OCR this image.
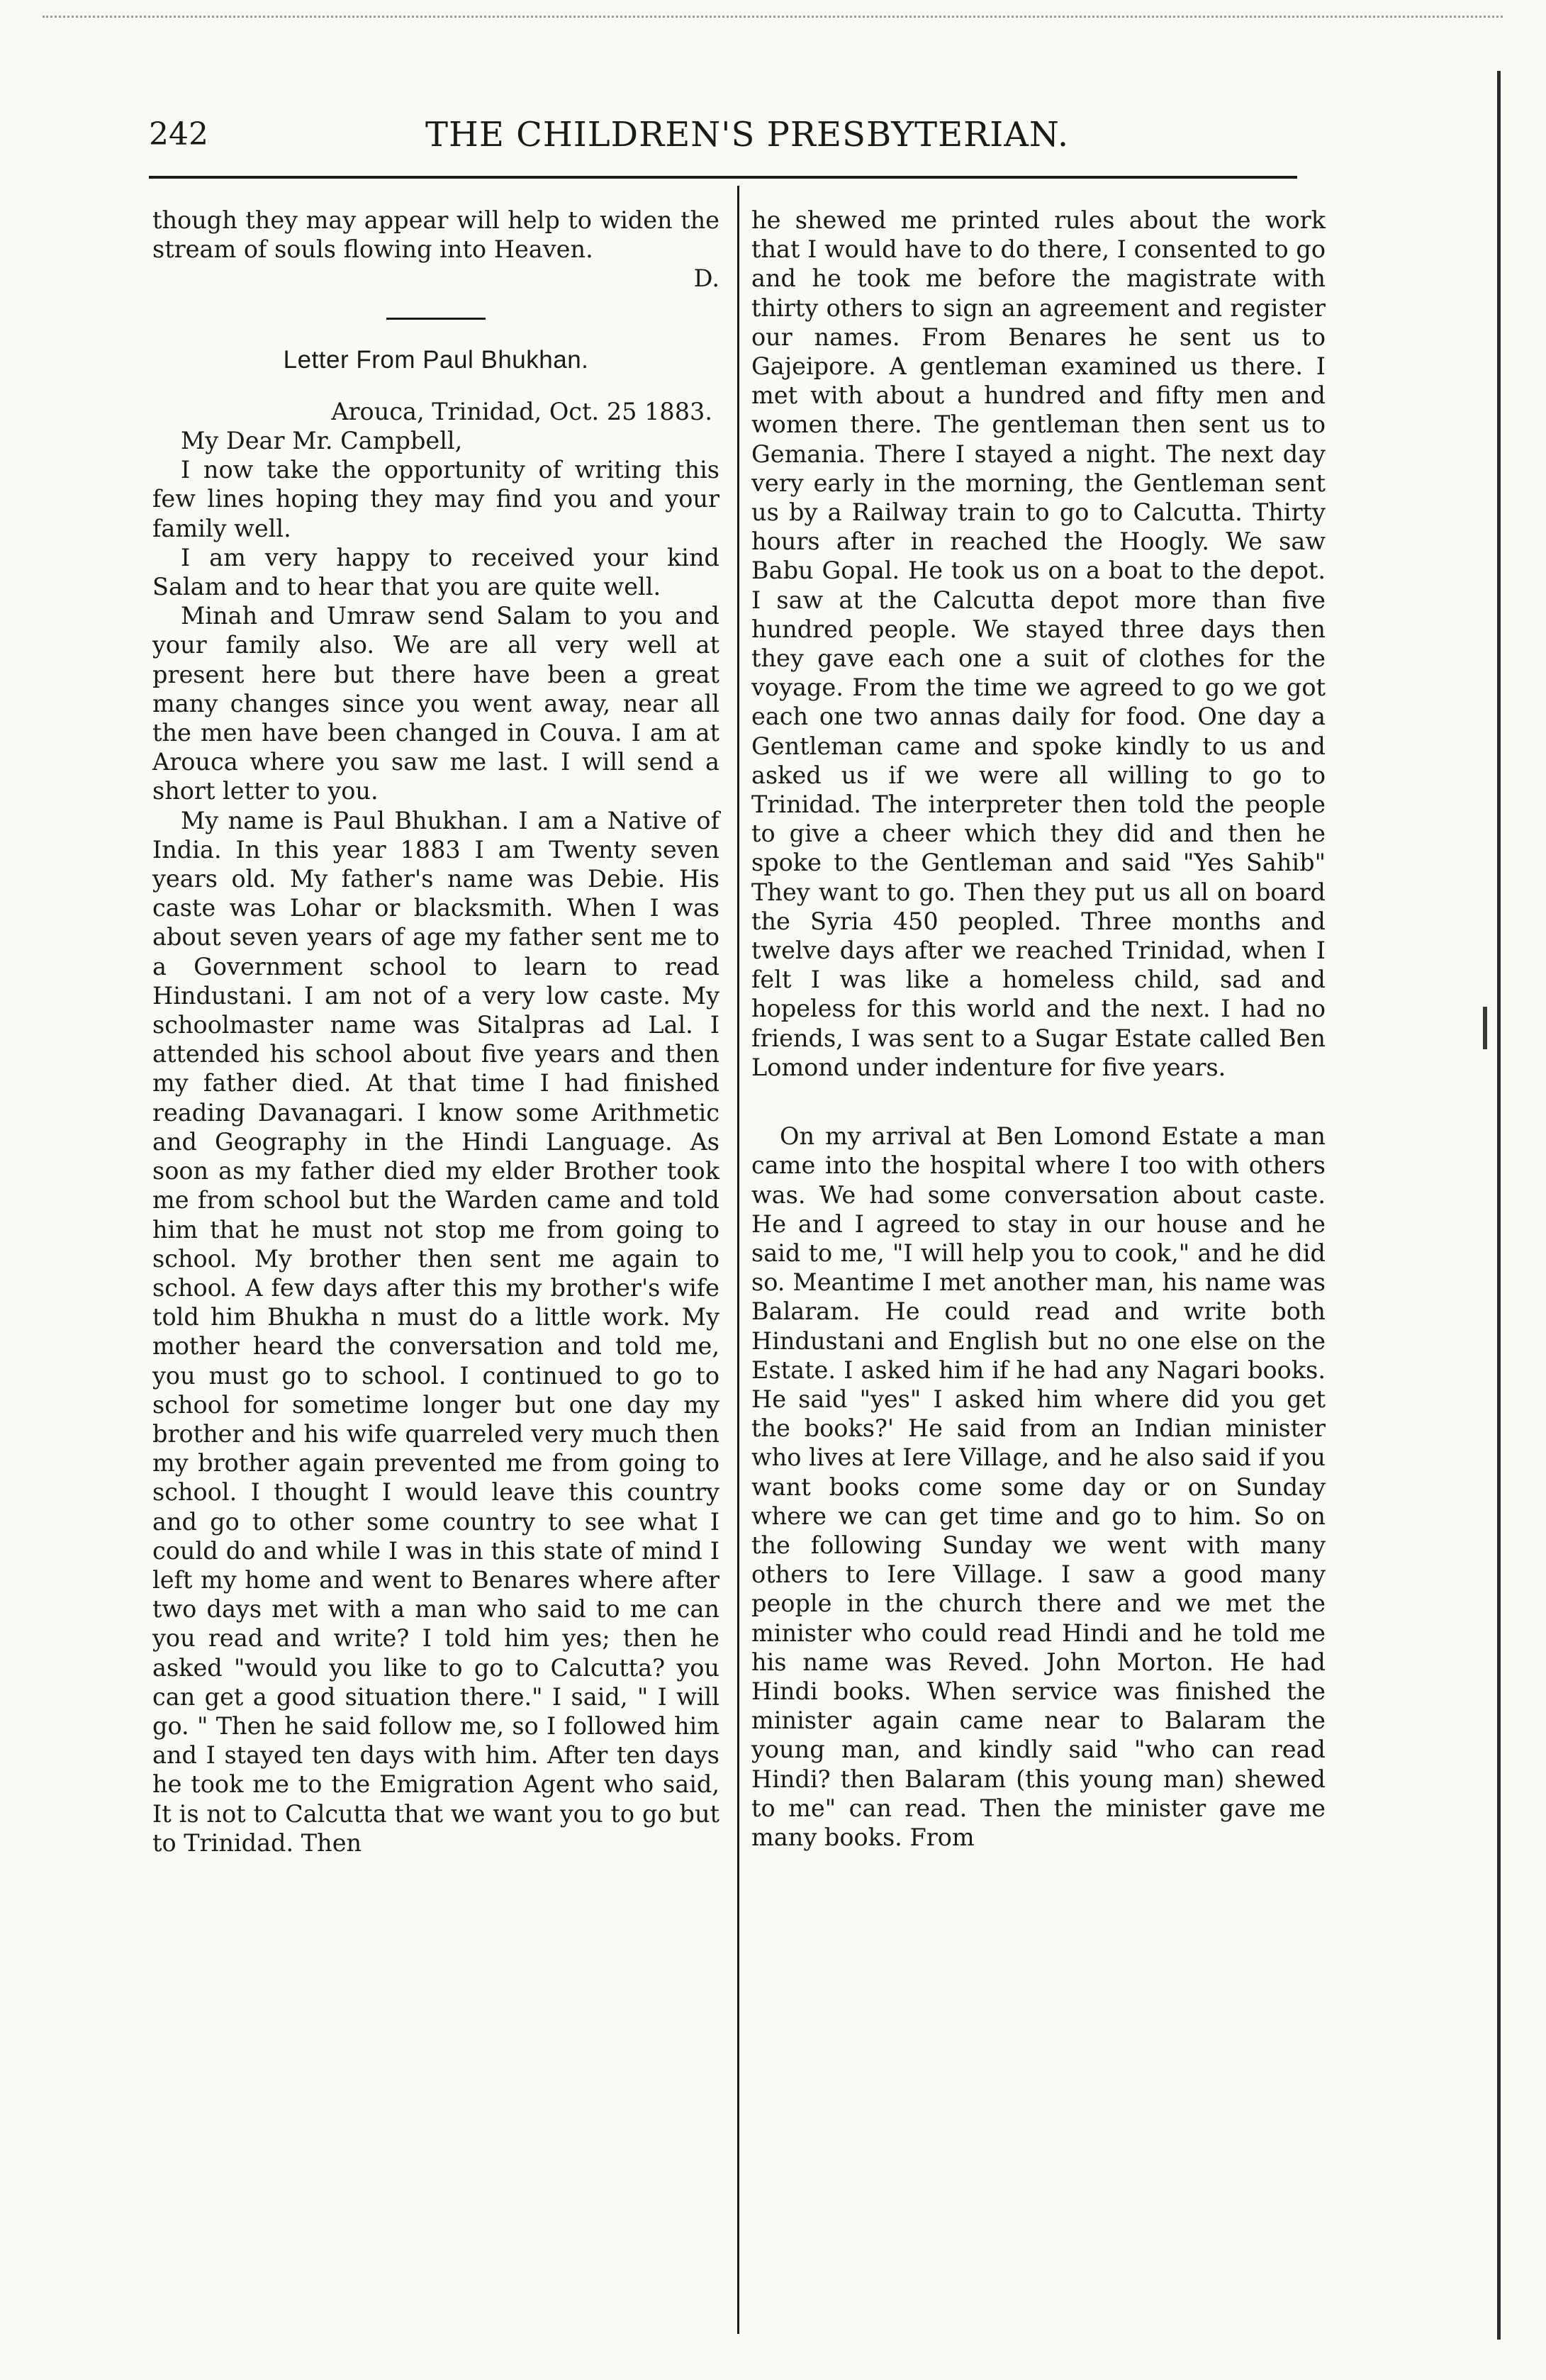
242	THE CHILDREN'S PRESBYTERIAN.

though they may appear will help to widen the stream of souls flowing into Heaven.

D.

Letter From Paul Bhukhan.

Arouca, Trinidad, Oct. 25 1883.

My Dear Mr. Campbell,

I now take the opportunity of writing this few lines hoping they may find you and your family well.

I am very happy to received your kind Salam and to hear that you are quite well.

Minah and Umraw send Salam to you and your family also. We are all very well at present here but there have been a great many changes since you went away, near all the men have been changed in Couva. I am at Arouca where you saw me last. I will send a short letter to you.

My name is Paul Bhukhan. I am a Native of India. In this year 1883 I am Twenty seven years old. My father's name was Debie. His caste was Lohar or blacksmith. When I was about seven years of age my father sent me to a Government school to learn to read Hindustani. I am not of a very low caste. My schoolmaster name was Sitalpras ad Lal. I attended his school about five years and then my father died. At that time I had finished reading Davanagari. I know some Arithmetic and Geography in the Hindi Language. As soon as my father died my elder Brother took me from school but the Warden came and told him that he must not stop me from going to school. My brother then sent me again to school. A few days after this my brother's wife told him Bhukha n must do a little work. My mother heard the conversation and told me, you must go to school. I continued to go to school for sometime longer but one day my brother and his wife quarreled very much then my brother again prevented me from going to school. I thought I would leave this country and go to other some country to see what I could do and while I was in this state of mind I left my home and went to Benares where after two days met with a man who said to me can you read and write? I told him yes; then he asked "would you like to go to Calcutta? you can get a good situation there." I said, " I will go. " Then he said follow me, so I followed him and I stayed ten days with him. After ten days he took me to the Emigration Agent who said, It is not to Calcutta that we want you to go but to Trinidad. Then

he shewed me printed rules about the work that I would have to do there, I consented to go and he took me before the magistrate with thirty others to sign an agreement and register our names. From Benares he sent us to Gajeipore. A gentleman examined us there. I met with about a hundred and fifty men and women there. The gentleman then sent us to Gemania. There I stayed a night. The next day very early in the morning, the Gentleman sent us by a Railway train to go to Calcutta. Thirty hours after in reached the Hoogly. We saw Babu Gopal. He took us on a boat to the depot. I saw at the Calcutta depot more than five hundred people. We stayed three days then they gave each one a suit of clothes for the voyage. From the time we agreed to go we got each one two annas daily for food. One day a Gentleman came and spoke kindly to us and asked us if we were all willing to go to Trinidad. The interpreter then told the people to give a cheer which they did and then he spoke to the Gentleman and said "Yes Sahib" They want to go. Then they put us all on board the Syria 450 peopled. Three months and twelve days after we reached Trinidad, when I felt I was like a homeless child, sad and hopeless for this world and the next. I had no friends, I was sent to a Sugar Estate called Ben Lomond under indenture for five years.

On my arrival at Ben Lomond Estate a man came into the hospital where I too with others was. We had some conversation about caste. He and I agreed to stay in our house and he said to me, "I will help you to cook," and he did so. Meantime I met another man, his name was Balaram. He could read and write both Hindustani and English but no one else on the Estate. I asked him if he had any Nagari books. He said "yes" I asked him where did you get the books?' He said from an Indian minister who lives at Iere Village, and he also said if you want books come some day or on Sunday where we can get time and go to him. So on the following Sunday we went with many others to Iere Village. I saw a good many people in the church there and we met the minister who could read Hindi and he told me his name was Reved. John Morton. He had Hindi books. When service was finished the minister again came near to Balaram the young man, and kindly said "who can read Hindi? then Balaram (this young man) shewed to me" can read. Then the minister gave me many books. From
